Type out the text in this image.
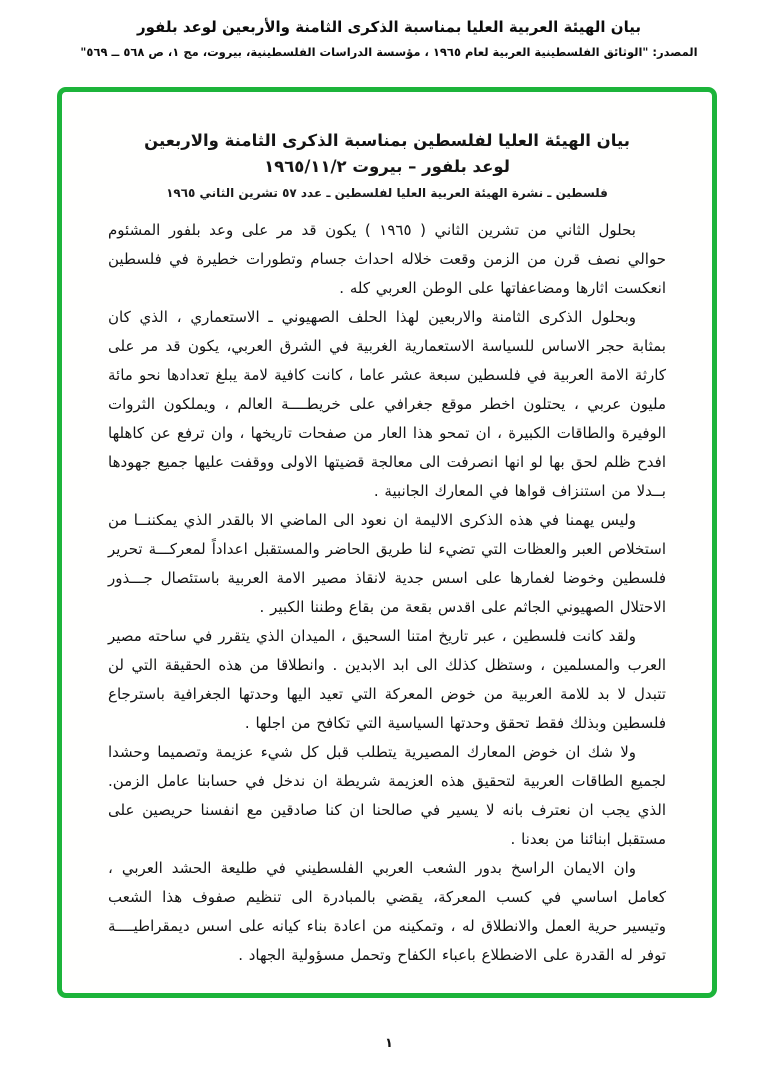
بيان الهيئة العربية العليا بمناسبة الذكرى الثامنة والأربعين لوعد بلفور
المصدر: "الوثائق الفلسطينية العربية لعام ١٩٦٥ ، مؤسسة الدراسات الفلسطينية، بيروت، مج ١، ص ٥٦٨ ــ ٥٦٩"
بيان الهيئة العليا لفلسطين بمناسبة الذكرى الثامنة والاربعين
لوعد بلفور – بيروت ١٩٦٥/١١/٢
فلسطين ـ نشرة الهيئة العربية العليا لفلسطين ـ عدد ٥٧ تشرين الثاني ١٩٦٥

بحلول الثاني من تشرين الثاني ( ١٩٦٥ ) يكون قد مر على وعد بلفور المشئوم حوالي نصف قرن من الزمن وقعت خلاله احداث جسام وتطورات خطيرة في فلسطين انعكست اثارها ومضاعفاتها على الوطن العربي كله .

وبحلول الذكرى الثامنة والاربعين لهذا الحلف الصهيوني ـ الاستعماري ، الذي كان بمثابة حجر الاساس للسياسة الاستعمارية الغربية في الشرق العربي، يكون قد مر على كارثة الامة العربية في فلسطين سبعة عشر عاما ، كانت كافية لامة يبلغ تعدادها نحو مائة مليون عربي ، يحتلون اخطر موقع جغرافي على خريطــــة العالم ، ويملكون الثروات الوفيرة والطاقات الكبيرة ، ان تمحو هذا العار من صفحات تاريخها ، وان ترفع عن كاهلها افدح ظلم لحق بها لو انها انصرفت الى معالجة قضيتها الاولى ووقفت عليها جميع جهودها بــدلا من استنزاف قواها في المعارك الجانبية .

وليس يهمنا في هذه الذكرى الاليمة ان نعود الى الماضي الا بالقدر الذي يمكننــا من استخلاص العبر والعظات التي تضيء لنا طريق الحاضر والمستقبل اعداداً لمعركـــة تحرير فلسطين وخوضا لغمارها على اسس جدية لانقاذ مصير الامة العربية باستئصال جـــذور الاحتلال الصهيوني الجاثم على اقدس بقعة من بقاع وطننا الكبير .

ولقد كانت فلسطين ، عبر تاريخ امتنا السحيق ، الميدان الذي يتقرر في ساحته مصير العرب والمسلمين ، وستظل كذلك الى ابد الابدين . وانطلاقا من هذه الحقيقة التي لن تتبدل لا بد للامة العربية من خوض المعركة التي تعيد اليها وحدتها الجغرافية باسترجاع فلسطين وبذلك فقط تحقق وحدتها السياسية التي تكافح من اجلها .

ولا شك ان خوض المعارك المصيرية يتطلب قبل كل شيء عزيمة وتصميما وحشدا لجميع الطاقات العربية لتحقيق هذه العزيمة شريطة ان ندخل في حسابنا عامل الزمن. الذي يجب ان نعترف بانه لا يسير في صالحنا ان كنا صادقين مع انفسنا حريصين على مستقبل ابنائنا من بعدنا .

وان الايمان الراسخ بدور الشعب العربي الفلسطيني في طليعة الحشد العربي ، كعامل اساسي في كسب المعركة، يقضي بالمبادرة الى تنظيم صفوف هذا الشعب وتيسير حرية العمل والانطلاق له ، وتمكينه من اعادة بناء كيانه على اسس ديمقراطيــــة توفر له القدرة على الاضطلاع باعباء الكفاح وتحمل مسؤولية الجهاد .

١
